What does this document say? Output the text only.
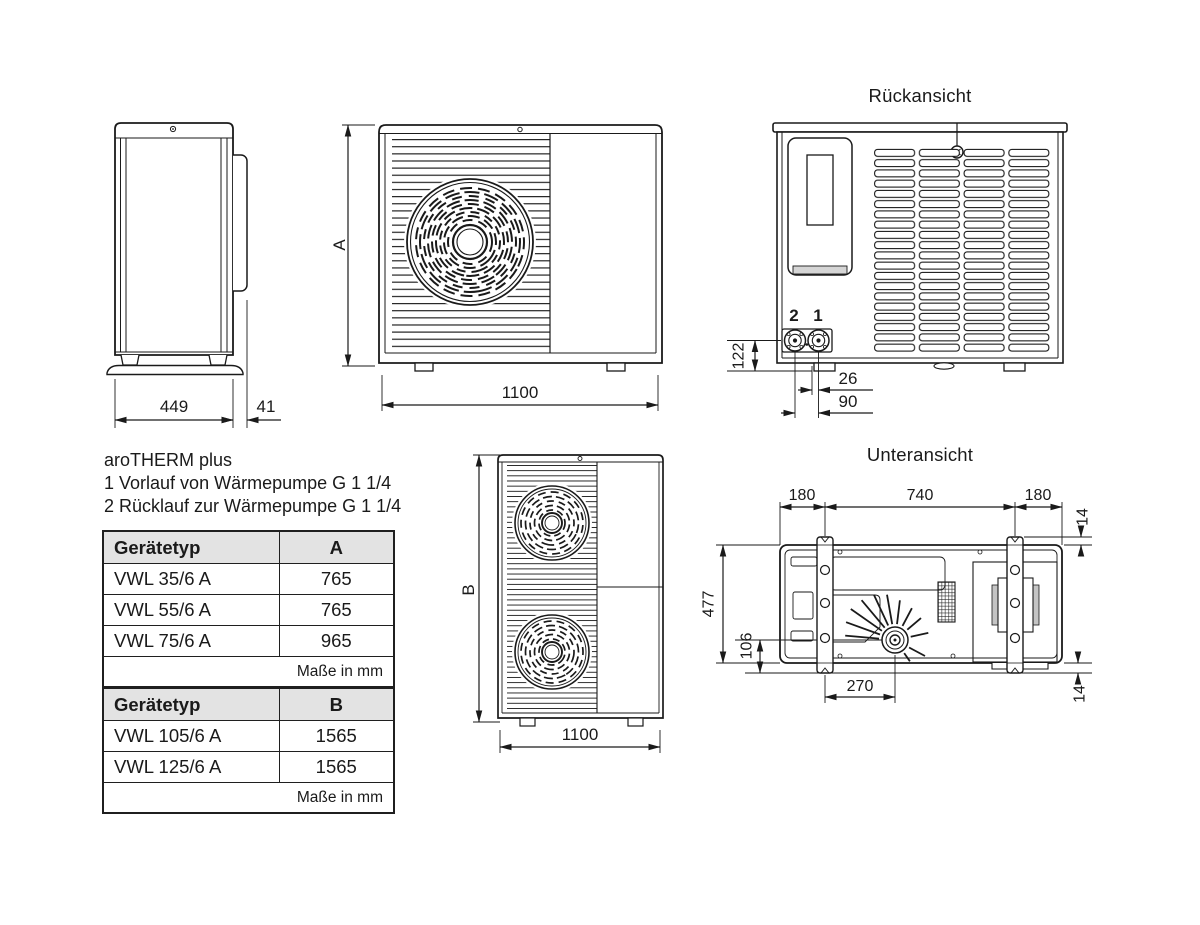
449	41
A
1100
Rückansicht
2 1
122
26
90
aroTHERM plus
1 Vorlauf von Wärmepumpe G 1 1/4
2 Rücklauf zur Wärmepumpe G 1 1/4
Gerätetyp	A
VWL 35/6 A	765
VWL 55/6 A	765
VWL 75/6 A	965
Maße in mm	
Gerätetyp	B
VWL 105/6 A	1565
VWL 125/6 A	1565
Maße in mm	
B
1100
Unteransicht
180	740	180
14
477
106
270	14
